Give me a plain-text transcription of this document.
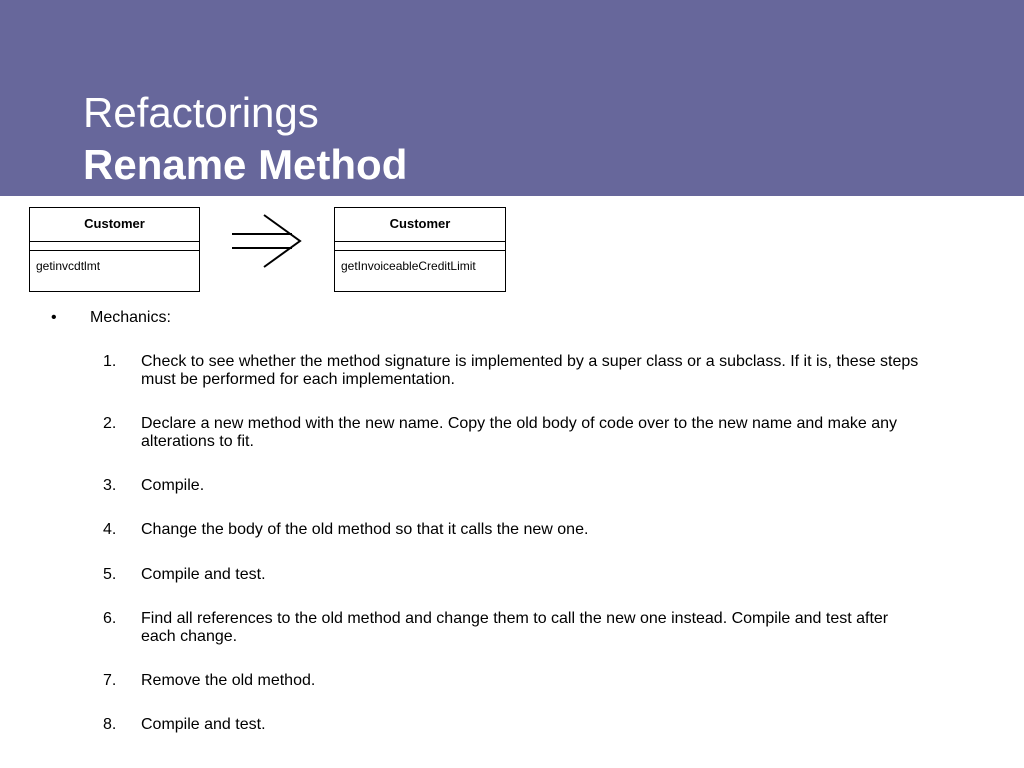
Refactorings
Rename Method
Customer
getinvcdtlmt
Customer
getInvoiceableCreditLimit
• Mechanics:
1. Check to see whether the method signature is implemented by a super class or a subclass. If it is, these steps must be performed for each implementation.
2. Declare a new method with the new name. Copy the old body of code over to the new name and make any alterations to fit.
3. Compile.
4. Change the body of the old method so that it calls the new one.
5. Compile and test.
6. Find all references to the old method and change them to call the new one instead. Compile and test after each change.
7. Remove the old method.
8. Compile and test.
